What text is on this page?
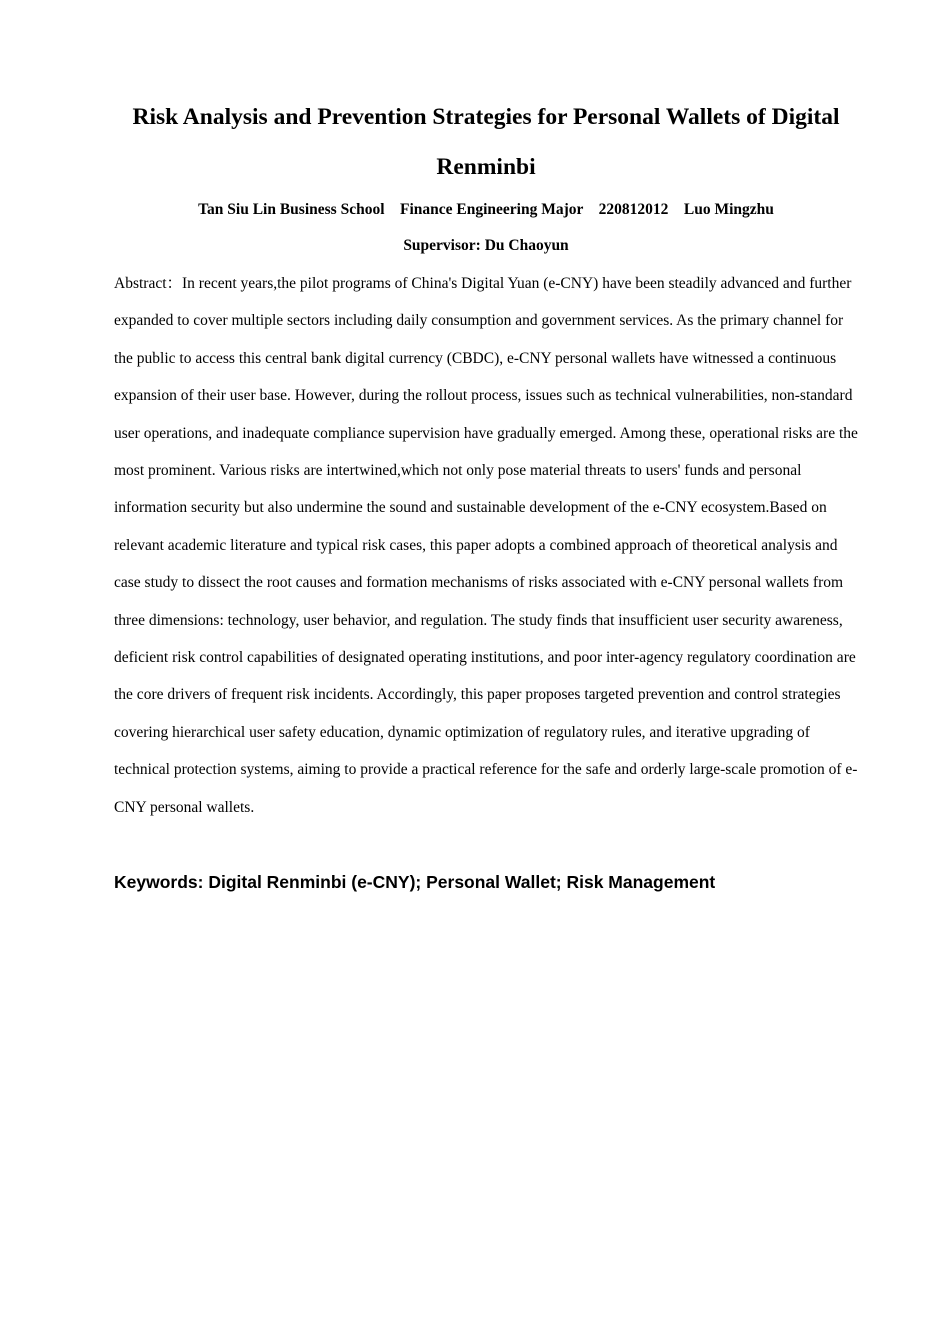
Risk Analysis and Prevention Strategies for Personal Wallets of Digital Renminbi
Tan Siu Lin Business School    Finance Engineering Major    220812012    Luo Mingzhu
Supervisor: Du Chaoyun

Abstract：In recent years,the pilot programs of China's Digital Yuan (e-CNY) have been steadily advanced and further expanded to cover multiple sectors including daily consumption and government services. As the primary channel for the public to access this central bank digital currency (CBDC), e-CNY personal wallets have witnessed a continuous expansion of their user base. However, during the rollout process, issues such as technical vulnerabilities, non-standard user operations, and inadequate compliance supervision have gradually emerged. Among these, operational risks are the most prominent. Various risks are intertwined,which not only pose material threats to users' funds and personal information security but also undermine the sound and sustainable development of the e-CNY ecosystem.Based on relevant academic literature and typical risk cases, this paper adopts a combined approach of theoretical analysis and case study to dissect the root causes and formation mechanisms of risks associated with e-CNY personal wallets from three dimensions: technology, user behavior, and regulation. The study finds that insufficient user security awareness, deficient risk control capabilities of designated operating institutions, and poor inter-agency regulatory coordination are the core drivers of frequent risk incidents. Accordingly, this paper proposes targeted prevention and control strategies covering hierarchical user safety education, dynamic optimization of regulatory rules, and iterative upgrading of technical protection systems, aiming to provide a practical reference for the safe and orderly large-scale promotion of e-CNY personal wallets.

Keywords: Digital Renminbi (e-CNY); Personal Wallet; Risk Management
